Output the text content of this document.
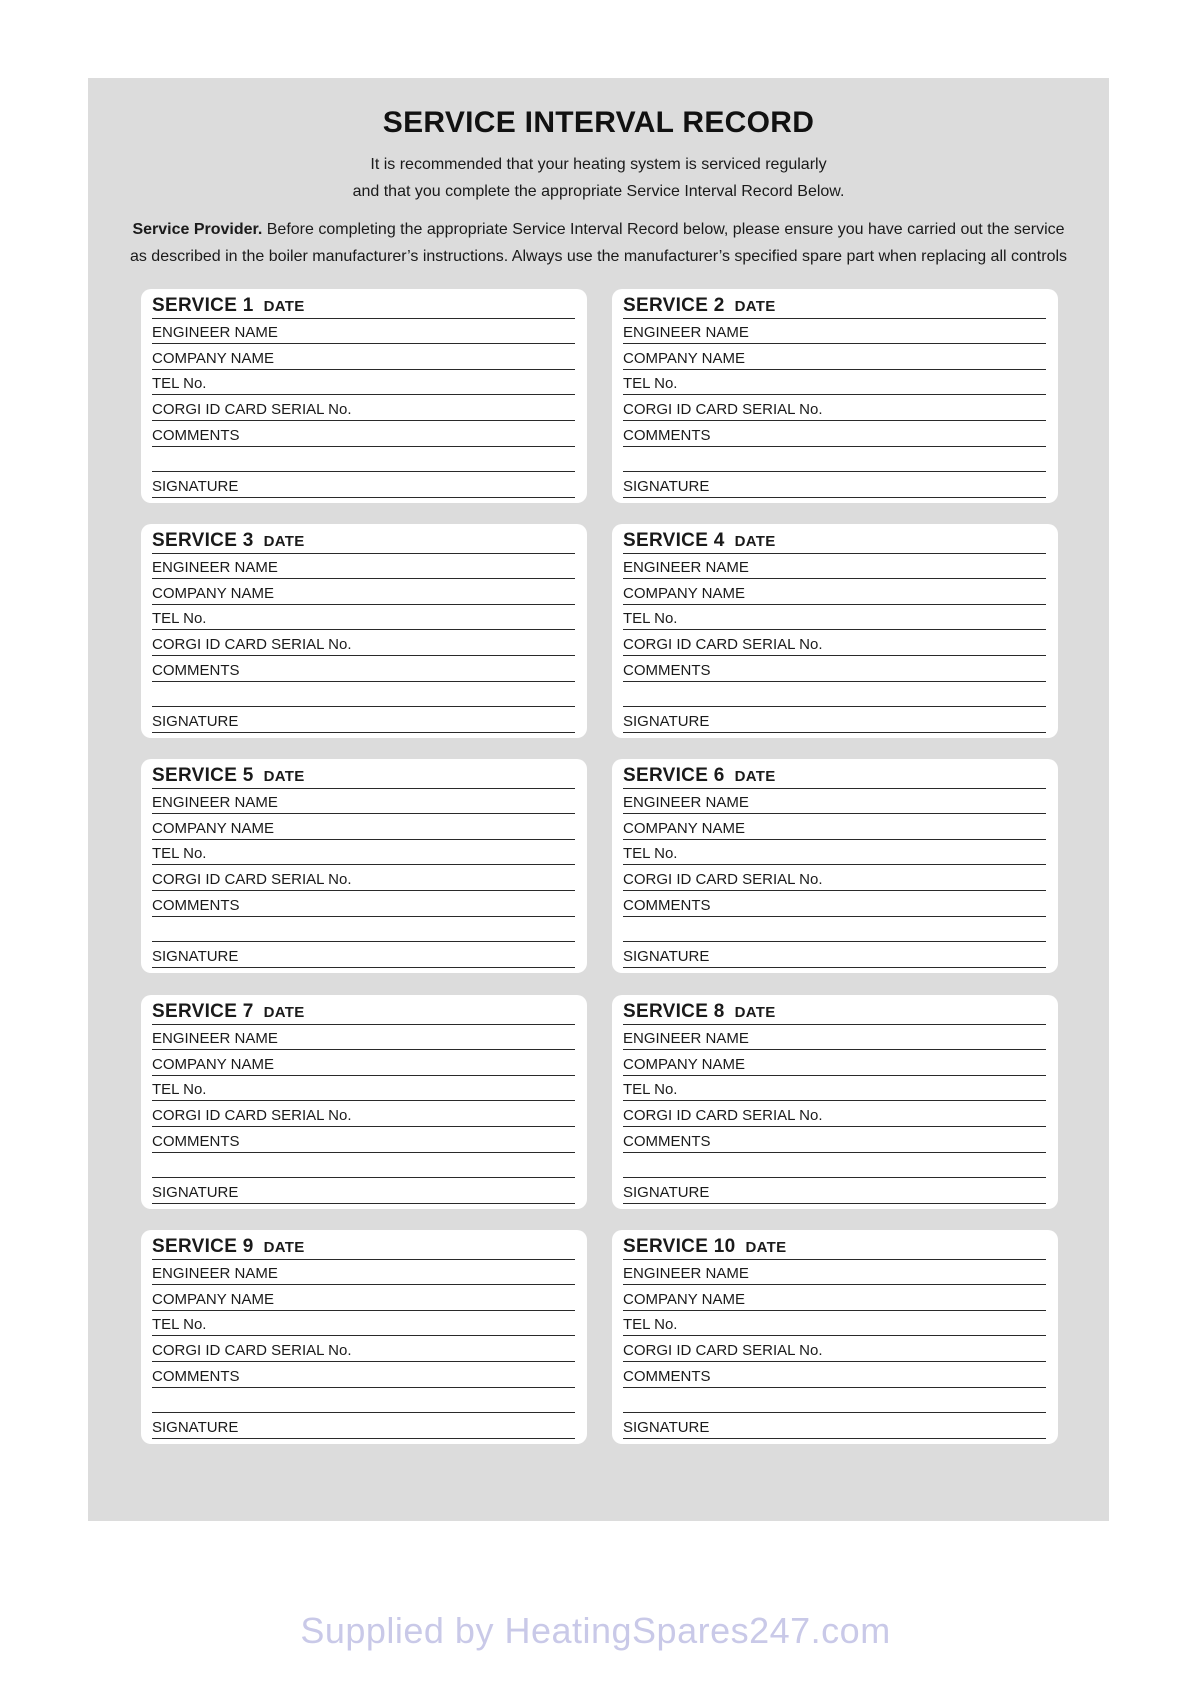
SERVICE INTERVAL RECORD
It is recommended that your heating system is serviced regularly
and that you complete the appropriate Service Interval Record Below.
Service Provider. Before completing the appropriate Service Interval Record below, please ensure you have carried out the service
as described in the boiler manufacturer’s instructions. Always use the manufacturer’s specified spare part when replacing all controls
SERVICE 1 DATE
ENGINEER NAME
COMPANY NAME
TEL No.
CORGI ID CARD SERIAL No.
COMMENTS
SIGNATURE
SERVICE 2 DATE
ENGINEER NAME
COMPANY NAME
TEL No.
CORGI ID CARD SERIAL No.
COMMENTS
SIGNATURE
SERVICE 3 DATE
ENGINEER NAME
COMPANY NAME
TEL No.
CORGI ID CARD SERIAL No.
COMMENTS
SIGNATURE
SERVICE 4 DATE
ENGINEER NAME
COMPANY NAME
TEL No.
CORGI ID CARD SERIAL No.
COMMENTS
SIGNATURE
SERVICE 5 DATE
ENGINEER NAME
COMPANY NAME
TEL No.
CORGI ID CARD SERIAL No.
COMMENTS
SIGNATURE
SERVICE 6 DATE
ENGINEER NAME
COMPANY NAME
TEL No.
CORGI ID CARD SERIAL No.
COMMENTS
SIGNATURE
SERVICE 7 DATE
ENGINEER NAME
COMPANY NAME
TEL No.
CORGI ID CARD SERIAL No.
COMMENTS
SIGNATURE
SERVICE 8 DATE
ENGINEER NAME
COMPANY NAME
TEL No.
CORGI ID CARD SERIAL No.
COMMENTS
SIGNATURE
SERVICE 9 DATE
ENGINEER NAME
COMPANY NAME
TEL No.
CORGI ID CARD SERIAL No.
COMMENTS
SIGNATURE
SERVICE 10 DATE
ENGINEER NAME
COMPANY NAME
TEL No.
CORGI ID CARD SERIAL No.
COMMENTS
SIGNATURE
Supplied by HeatingSpares247.com
